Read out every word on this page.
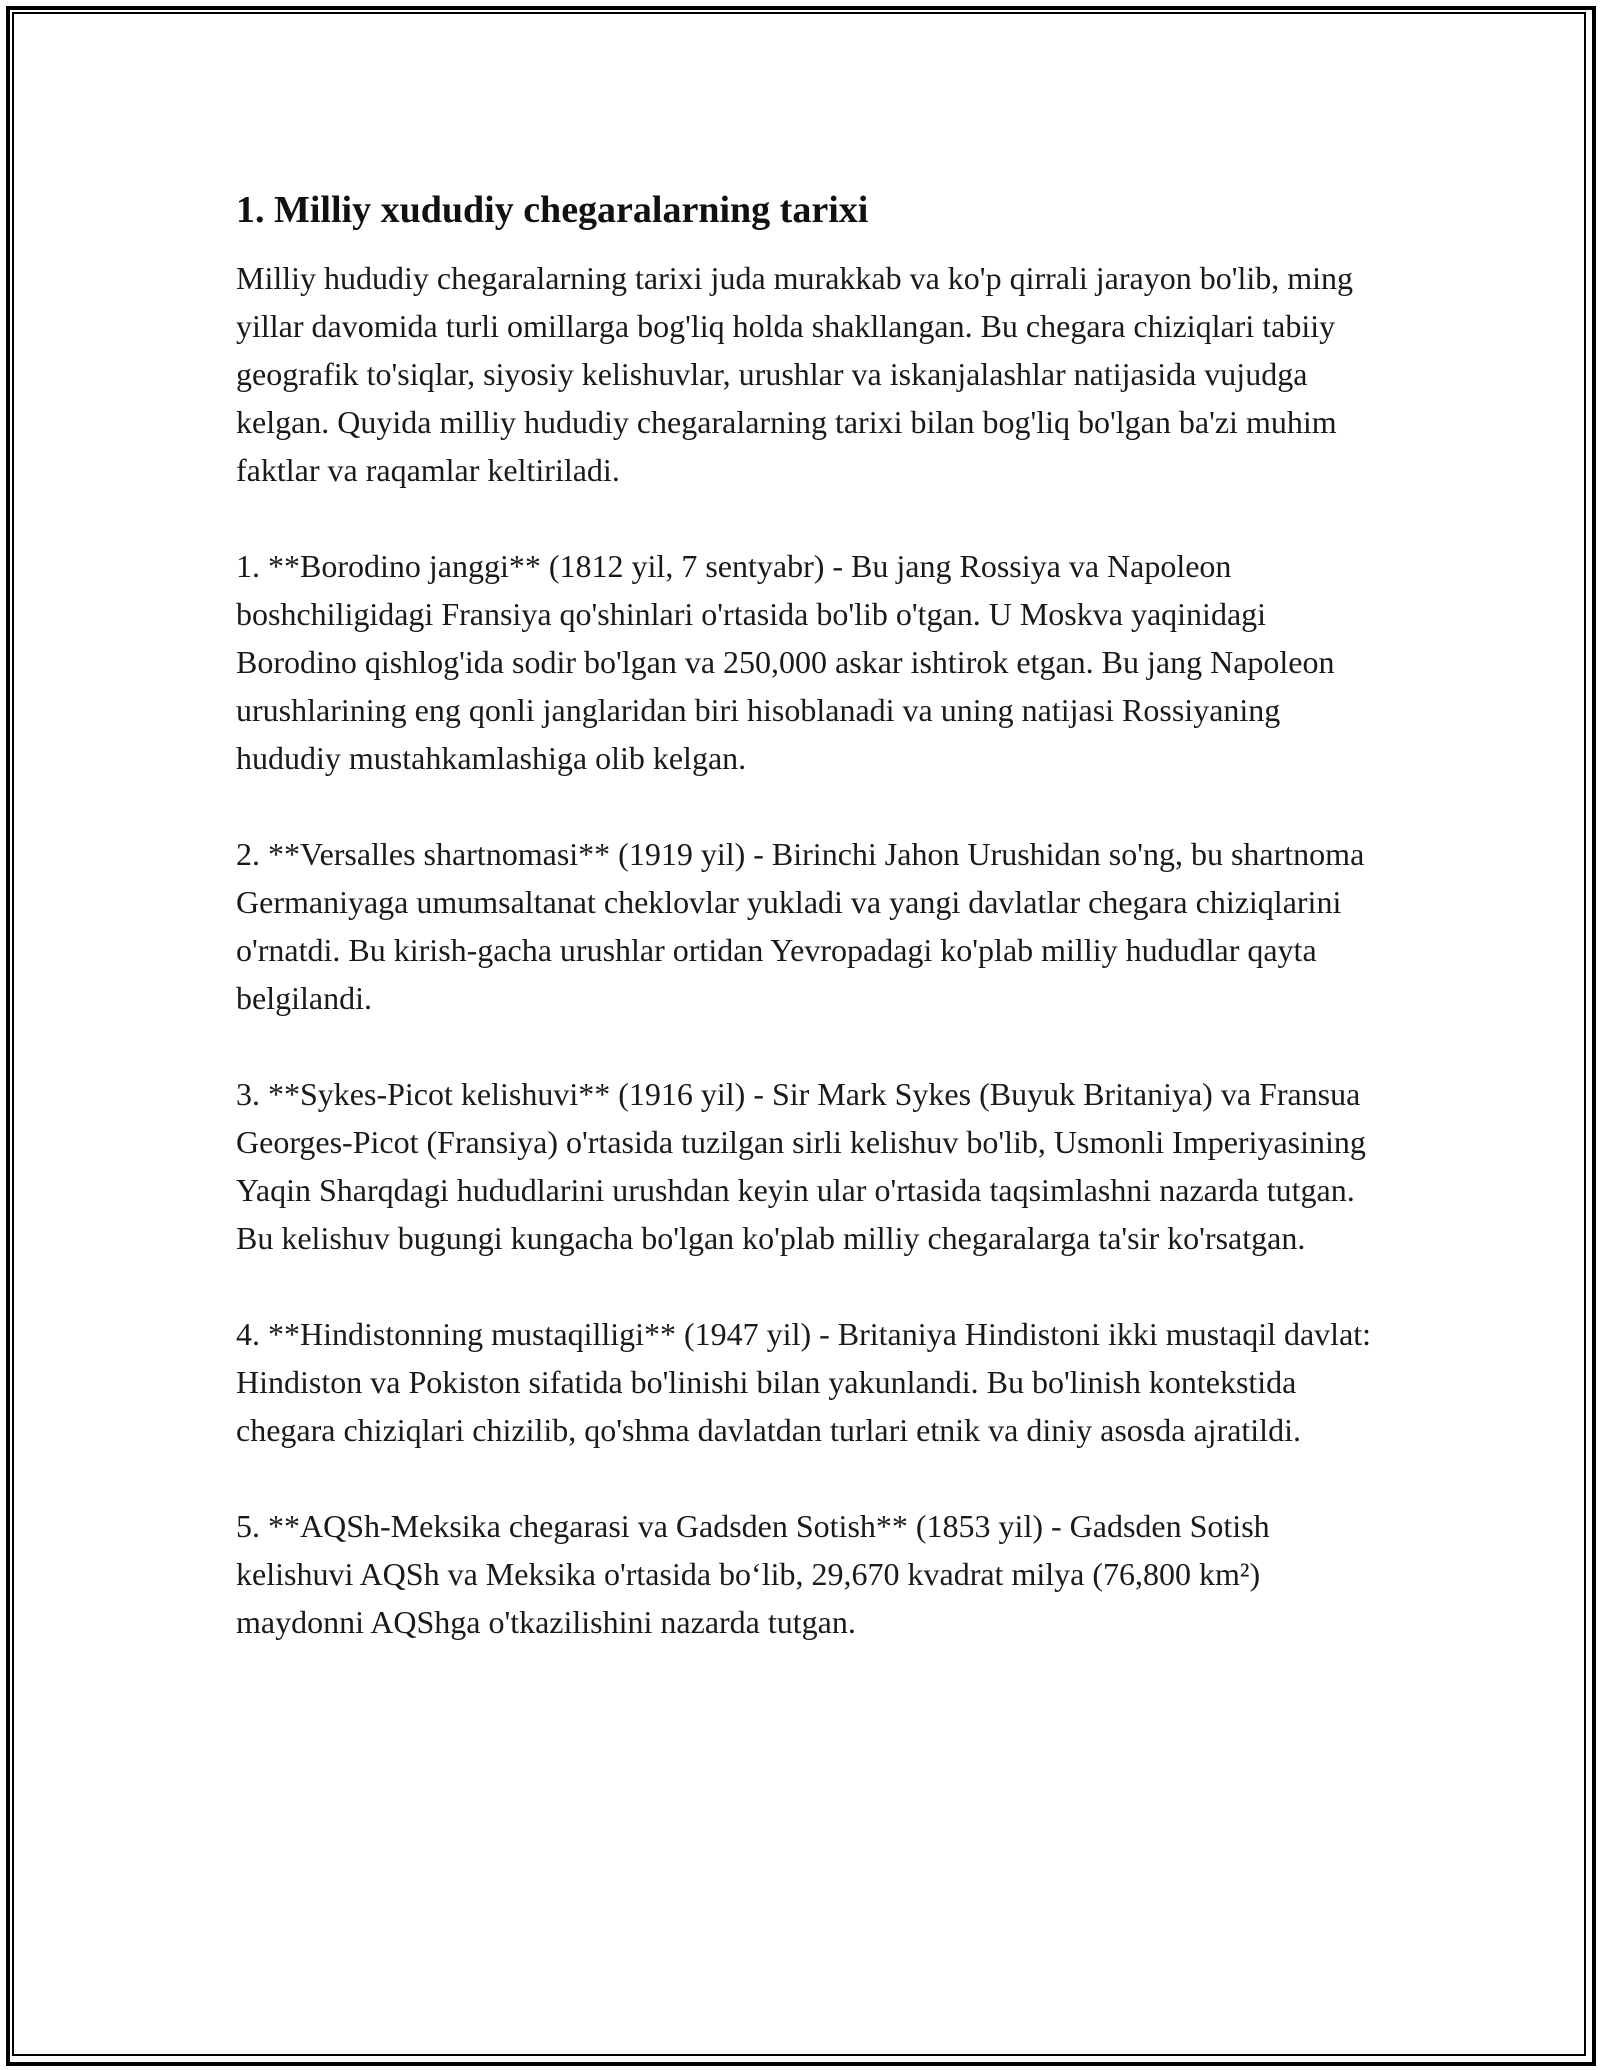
1. Milliy xududiy chegaralarning tarixi

Milliy hududiy chegaralarning tarixi juda murakkab va ko'p qirrali jarayon bo'lib, ming yillar davomida turli omillarga bog'liq holda shakllangan. Bu chegara chiziqlari tabiiy geografik to'siqlar, siyosiy kelishuvlar, urushlar va iskanjalashlar natijasida vujudga kelgan. Quyida milliy hududiy chegaralarning tarixi bilan bog'liq bo'lgan ba'zi muhim faktlar va raqamlar keltiriladi.

1. **Borodino janggi** (1812 yil, 7 sentyabr) - Bu jang Rossiya va Napoleon boshchiligidagi Fransiya qo'shinlari o'rtasida bo'lib o'tgan. U Moskva yaqinidagi Borodino qishlog'ida sodir bo'lgan va 250,000 askar ishtirok etgan. Bu jang Napoleon urushlarining eng qonli janglaridan biri hisoblanadi va uning natijasi Rossiyaning hududiy mustahkamlashiga olib kelgan.

2. **Versalles shartnomasi** (1919 yil) - Birinchi Jahon Urushidan so'ng, bu shartnoma Germaniyaga umumsaltanat cheklovlar yukladi va yangi davlatlar chegara chiziqlarini o'rnatdi. Bu kirish-gacha urushlar ortidan Yevropadagi ko'plab milliy hududlar qayta belgilandi.

3. **Sykes-Picot kelishuvi** (1916 yil) - Sir Mark Sykes (Buyuk Britaniya) va Fransua Georges-Picot (Fransiya) o'rtasida tuzilgan sirli kelishuv bo'lib, Usmonli Imperiyasining Yaqin Sharqdagi hududlarini urushdan keyin ular o'rtasida taqsimlashni nazarda tutgan. Bu kelishuv bugungi kungacha bo'lgan ko'plab milliy chegaralarga ta'sir ko'rsatgan.

4. **Hindistonning mustaqilligi** (1947 yil) - Britaniya Hindistoni ikki mustaqil davlat: Hindiston va Pokiston sifatida bo'linishi bilan yakunlandi. Bu bo'linish kontekstida chegara chiziqlari chizilib, qo'shma davlatdan turlari etnik va diniy asosda ajratildi.

5. **AQSh-Meksika chegarasi va Gadsden Sotish** (1853 yil) - Gadsden Sotish kelishuvi AQSh va Meksika o'rtasida bo‘lib, 29,670 kvadrat milya (76,800 km²) maydonni AQShga o'tkazilishini nazarda tutgan.
